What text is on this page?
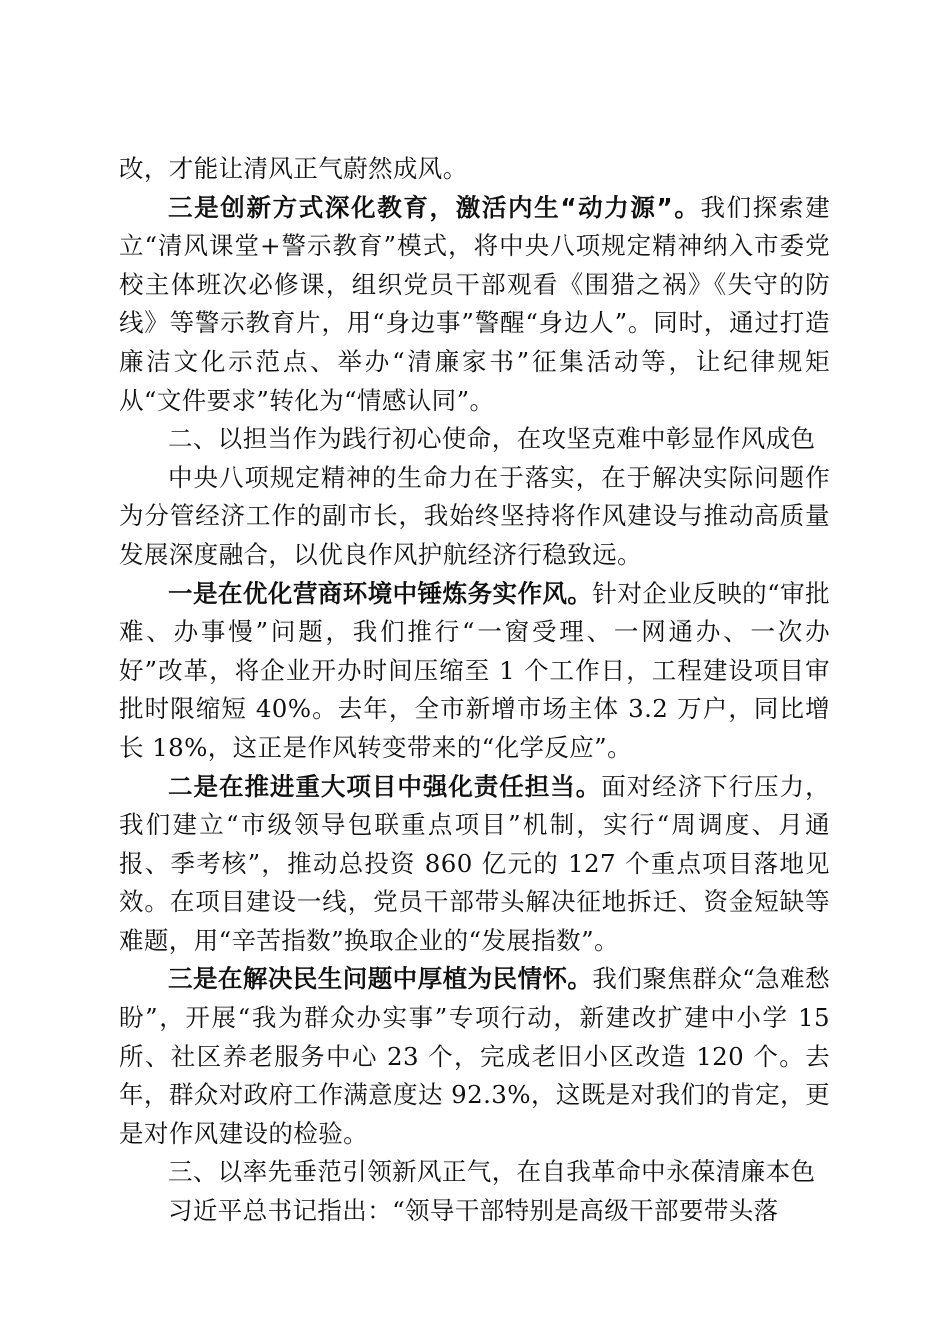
改，才能让清风正气蔚然成风。

三是创新方式深化教育，激活内生“动力源”。我们探索建立“清风课堂+警示教育”模式，将中央八项规定精神纳入市委党校主体班次必修课，组织党员干部观看《围猎之祸》《失守的防线》等警示教育片，用“身边事”警醒“身边人”。同时，通过打造廉洁文化示范点、举办“清廉家书”征集活动等，让纪律规矩从“文件要求”转化为“情感认同”。

二、以担当作为践行初心使命，在攻坚克难中彰显作风成色

中央八项规定精神的生命力在于落实，在于解决实际问题作为分管经济工作的副市长，我始终坚持将作风建设与推动高质量发展深度融合，以优良作风护航经济行稳致远。

一是在优化营商环境中锤炼务实作风。针对企业反映的“审批难、办事慢”问题，我们推行“一窗受理、一网通办、一次办好”改革，将企业开办时间压缩至 1 个工作日，工程建设项目审批时限缩短 40%。去年，全市新增市场主体 3.2 万户，同比增长 18%，这正是作风转变带来的“化学反应”。

二是在推进重大项目中强化责任担当。面对经济下行压力，我们建立“市级领导包联重点项目”机制，实行“周调度、月通报、季考核”，推动总投资 860 亿元的 127 个重点项目落地见效。在项目建设一线，党员干部带头解决征地拆迁、资金短缺等难题，用“辛苦指数”换取企业的“发展指数”。

三是在解决民生问题中厚植为民情怀。我们聚焦群众“急难愁盼”，开展“我为群众办实事”专项行动，新建改扩建中小学 15 所、社区养老服务中心 23 个，完成老旧小区改造 120 个。去年，群众对政府工作满意度达 92.3%，这既是对我们的肯定，更是对作风建设的检验。

三、以率先垂范引领新风正气，在自我革命中永葆清廉本色

习近平总书记指出：“领导干部特别是高级干部要带头落
